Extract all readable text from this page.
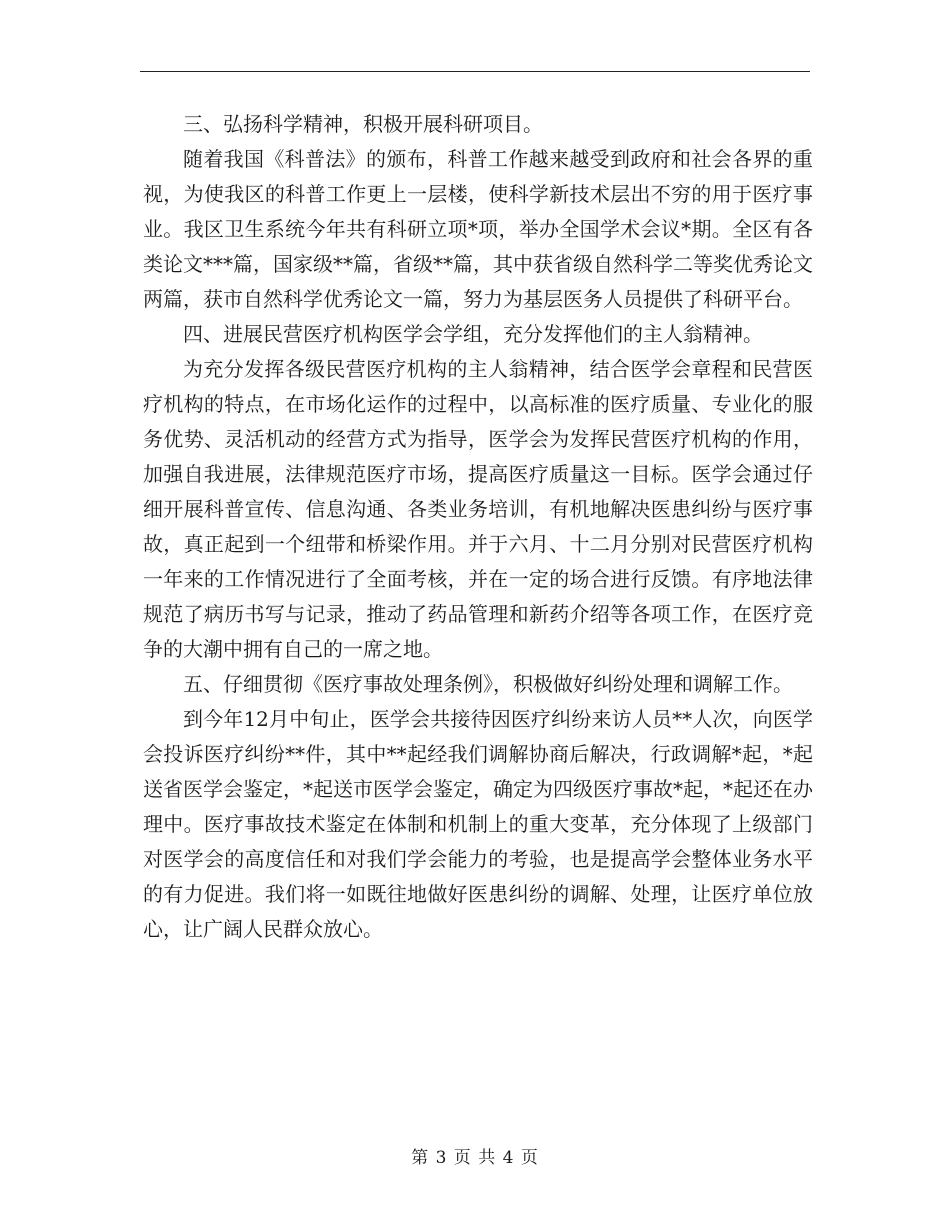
三、弘扬科学精神，积极开展科研项目。

随着我国《科普法》的颁布，科普工作越来越受到政府和社会各界的重视，为使我区的科普工作更上一层楼，使科学新技术层出不穷的用于医疗事业。我区卫生系统今年共有科研立项*项，举办全国学术会议*期。全区有各类论文***篇，国家级**篇，省级**篇，其中获省级自然科学二等奖优秀论文两篇，获市自然科学优秀论文一篇，努力为基层医务人员提供了科研平台。

四、进展民营医疗机构医学会学组，充分发挥他们的主人翁精神。

为充分发挥各级民营医疗机构的主人翁精神，结合医学会章程和民营医疗机构的特点，在市场化运作的过程中，以高标准的医疗质量、专业化的服务优势、灵活机动的经营方式为指导，医学会为发挥民营医疗机构的作用，加强自我进展，法律规范医疗市场，提高医疗质量这一目标。医学会通过仔细开展科普宣传、信息沟通、各类业务培训，有机地解决医患纠纷与医疗事故，真正起到一个纽带和桥梁作用。并于六月、十二月分别对民营医疗机构一年来的工作情况进行了全面考核，并在一定的场合进行反馈。有序地法律规范了病历书写与记录，推动了药品管理和新药介绍等各项工作，在医疗竞争的大潮中拥有自己的一席之地。

五、仔细贯彻《医疗事故处理条例》，积极做好纠纷处理和调解工作。

到今年12月中旬止，医学会共接待因医疗纠纷来访人员**人次，向医学会投诉医疗纠纷**件，其中**起经我们调解协商后解决，行政调解*起，*起送省医学会鉴定，*起送市医学会鉴定，确定为四级医疗事故*起，*起还在办理中。医疗事故技术鉴定在体制和机制上的重大变革，充分体现了上级部门对医学会的高度信任和对我们学会能力的考验，也是提高学会整体业务水平的有力促进。我们将一如既往地做好医患纠纷的调解、处理，让医疗单位放心，让广阔人民群众放心。

第 3 页 共 4 页
